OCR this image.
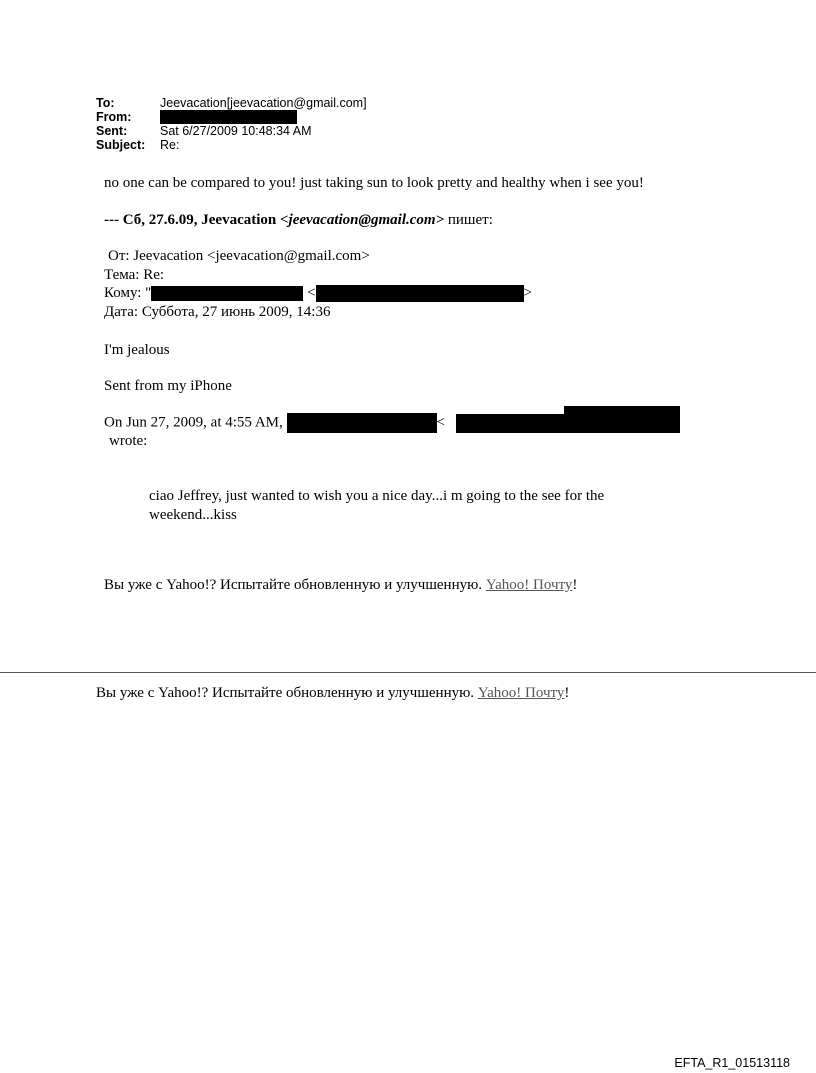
To:	Jeevacation[jeevacation@gmail.com]
From:
Sent:	Sat 6/27/2009 10:48:34 AM
Subject:	Re:
no one can be compared to you! just taking sun to look pretty and healthy when i see you!
--- Сб, 27.6.09, Jeevacation <jeevacation@gmail.com> пишет:
От: Jeevacation <jeevacation@gmail.com>
Тема: Re:
Кому: "	<	>
Дата: Суббота, 27 июнь 2009, 14:36
I'm jealous
Sent from my iPhone
On Jun 27, 2009, at 4:55 AM,	<
wrote:
ciao Jeffrey, just wanted to wish you a nice day...i m going to the see for the
weekend...kiss
Вы уже с Yahoo!? Испытайте обновленную и улучшенную. Yahoo! Почту!
Вы уже с Yahoo!? Испытайте обновленную и улучшенную. Yahoo! Почту!
EFTA_R1_01513118
